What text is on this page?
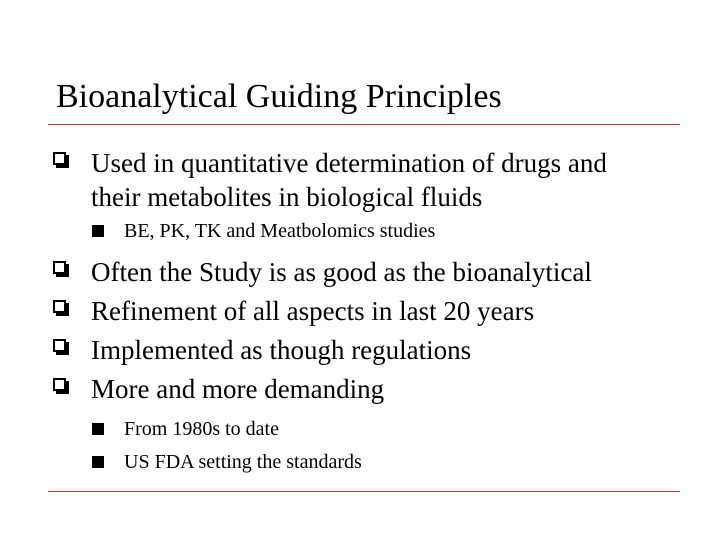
Bioanalytical Guiding Principles
Used in quantitative determination of drugs and
their metabolites in biological fluids
BE, PK, TK and Meatbolomics studies
Often the Study is as good as the bioanalytical
Refinement of all aspects in last 20 years
Implemented as though regulations
More and more demanding
From 1980s to date
US FDA setting the standards
